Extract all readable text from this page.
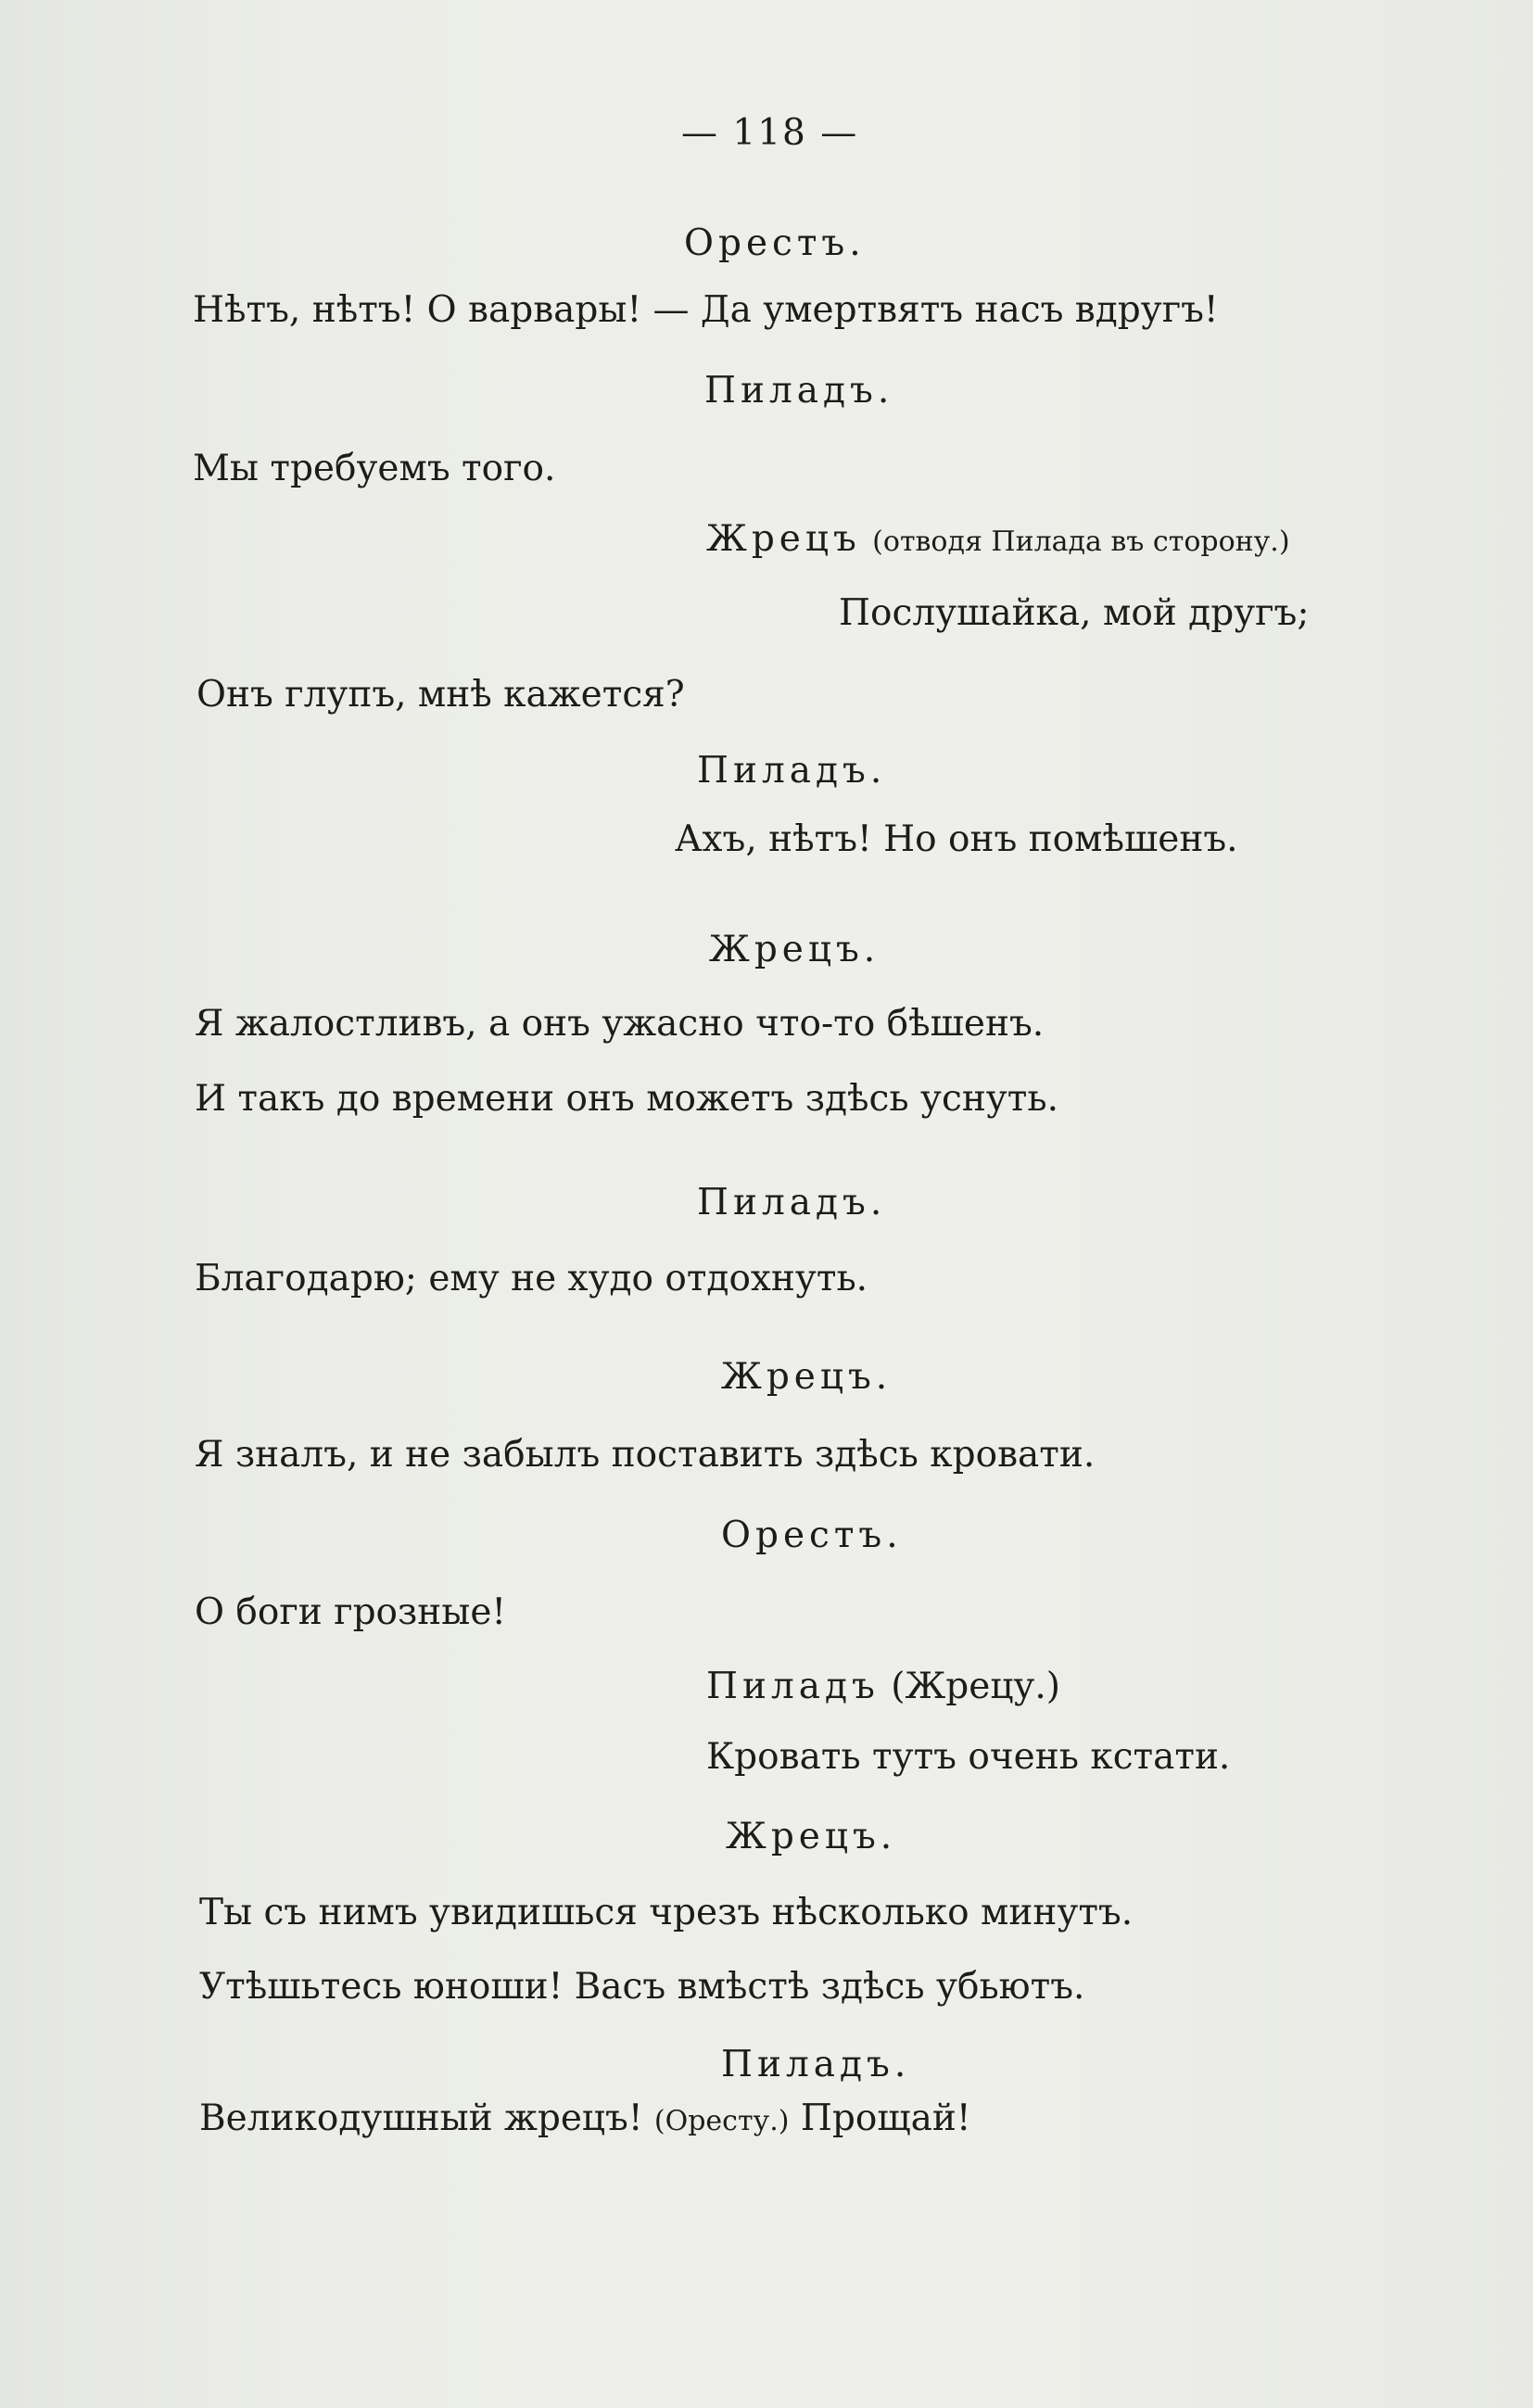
— 118 —
Орестъ.
Нѣтъ, нѣтъ! О варвары! — Да умертвятъ насъ вдругъ!
Пиладъ.
Мы требуемъ того.
Жрецъ (отводя Пилада въ сторону.)
Послушайка, мой другъ;
Онъ глупъ, мнѣ кажется?
Пиладъ.
Ахъ, нѣтъ! Но онъ помѣшенъ.
Жрецъ.
Я жалостливъ, а онъ ужасно что-то бѣшенъ.
И такъ до времени онъ можетъ здѣсь уснуть.
Пиладъ.
Благодарю; ему не худо отдохнуть.
Жрецъ.
Я зналъ, и не забылъ поставить здѣсь кровати.
Орестъ.
О боги грозные!
Пиладъ (Жрецу.)
Кровать тутъ очень кстати.
Жрецъ.
Ты съ нимъ увидишься чрезъ нѣсколько минутъ.
Утѣшьтесь юноши! Васъ вмѣстѣ здѣсь убьютъ.
Пиладъ.
Великодушный жрецъ! (Оресту.) Прощай!
